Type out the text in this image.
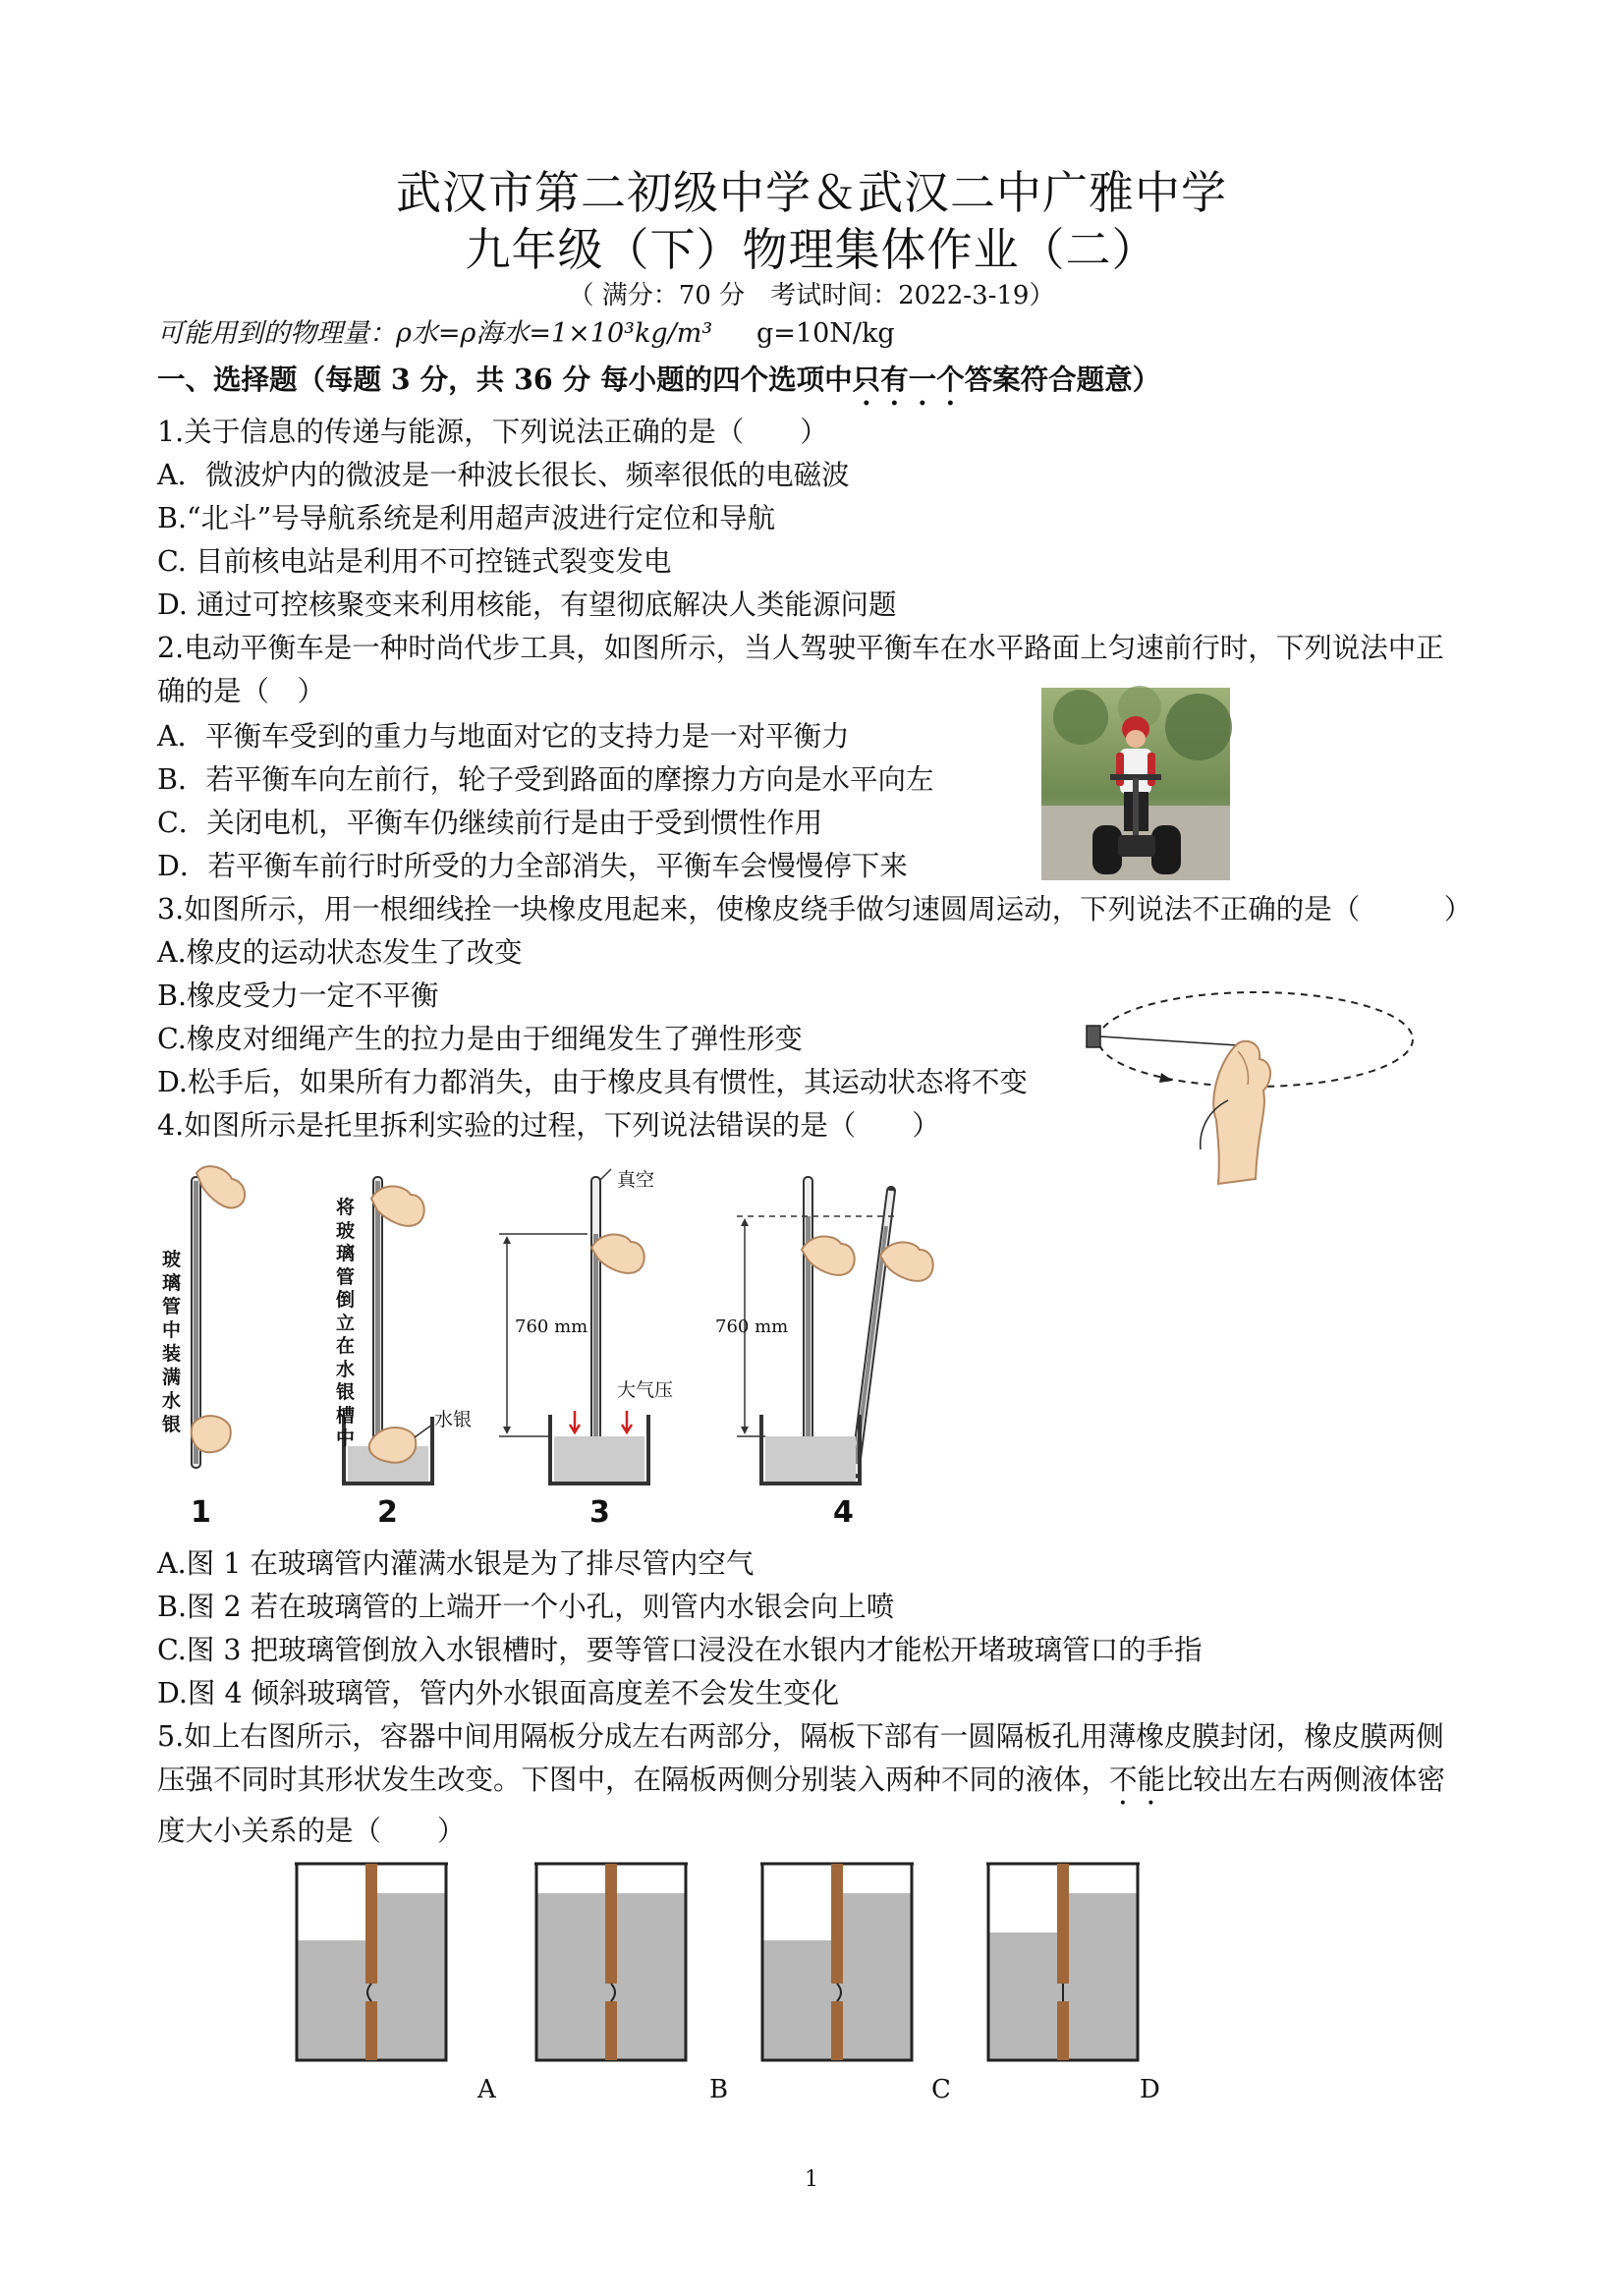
武汉市第二初级中学＆武汉二中广雅中学
九年级（下）物理集体作业（二）
（ 满分：70 分　考试时间：2022-3-19）
可能用到的物理量：ρ水=ρ海水=1×10³kg/m³ g=10N/kg
一、选择题（每题 3 分，共 36 分 每小题的四个选项中只有一个答案符合题意）
1.关于信息的传递与能源，下列说法正确的是（　　）
A．微波炉内的微波是一种波长很长、频率很低的电磁波
B.“北斗”号导航系统是利用超声波进行定位和导航
C. 目前核电站是利用不可控链式裂变发电
D. 通过可控核聚变来利用核能，有望彻底解决人类能源问题
2.电动平衡车是一种时尚代步工具，如图所示，当人驾驶平衡车在水平路面上匀速前行时，下列说法中正
确的是（　）
A．平衡车受到的重力与地面对它的支持力是一对平衡力
B．若平衡车向左前行，轮子受到路面的摩擦力方向是水平向左
C．关闭电机，平衡车仍继续前行是由于受到惯性作用
D．若平衡车前行时所受的力全部消失，平衡车会慢慢停下来
3.如图所示，用一根细线拴一块橡皮甩起来，使橡皮绕手做匀速圆周运动，下列说法不正确的是（　　　）
A.橡皮的运动状态发生了改变
B.橡皮受力一定不平衡
C.橡皮对细绳产生的拉力是由于细绳发生了弹性形变
D.松手后，如果所有力都消失，由于橡皮具有惯性，其运动状态将不变
4.如图所示是托里拆利实验的过程，下列说法错误的是（　　）
玻璃管中装满水银
将玻璃管倒立在水银槽中
水银
真空
大气压
760 mm	760 mm
1	2	3	4
A.图 1 在玻璃管内灌满水银是为了排尽管内空气
B.图 2 若在玻璃管的上端开一个小孔，则管内水银会向上喷
C.图 3 把玻璃管倒放入水银槽时，要等管口浸没在水银内才能松开堵玻璃管口的手指
D.图 4 倾斜玻璃管，管内外水银面高度差不会发生变化
5.如上右图所示，容器中间用隔板分成左右两部分，隔板下部有一圆隔板孔用薄橡皮膜封闭，橡皮膜两侧
压强不同时其形状发生改变。下图中，在隔板两侧分别装入两种不同的液体，不能比较出左右两侧液体密
度大小关系的是（　　）
A	B	C	D
1
